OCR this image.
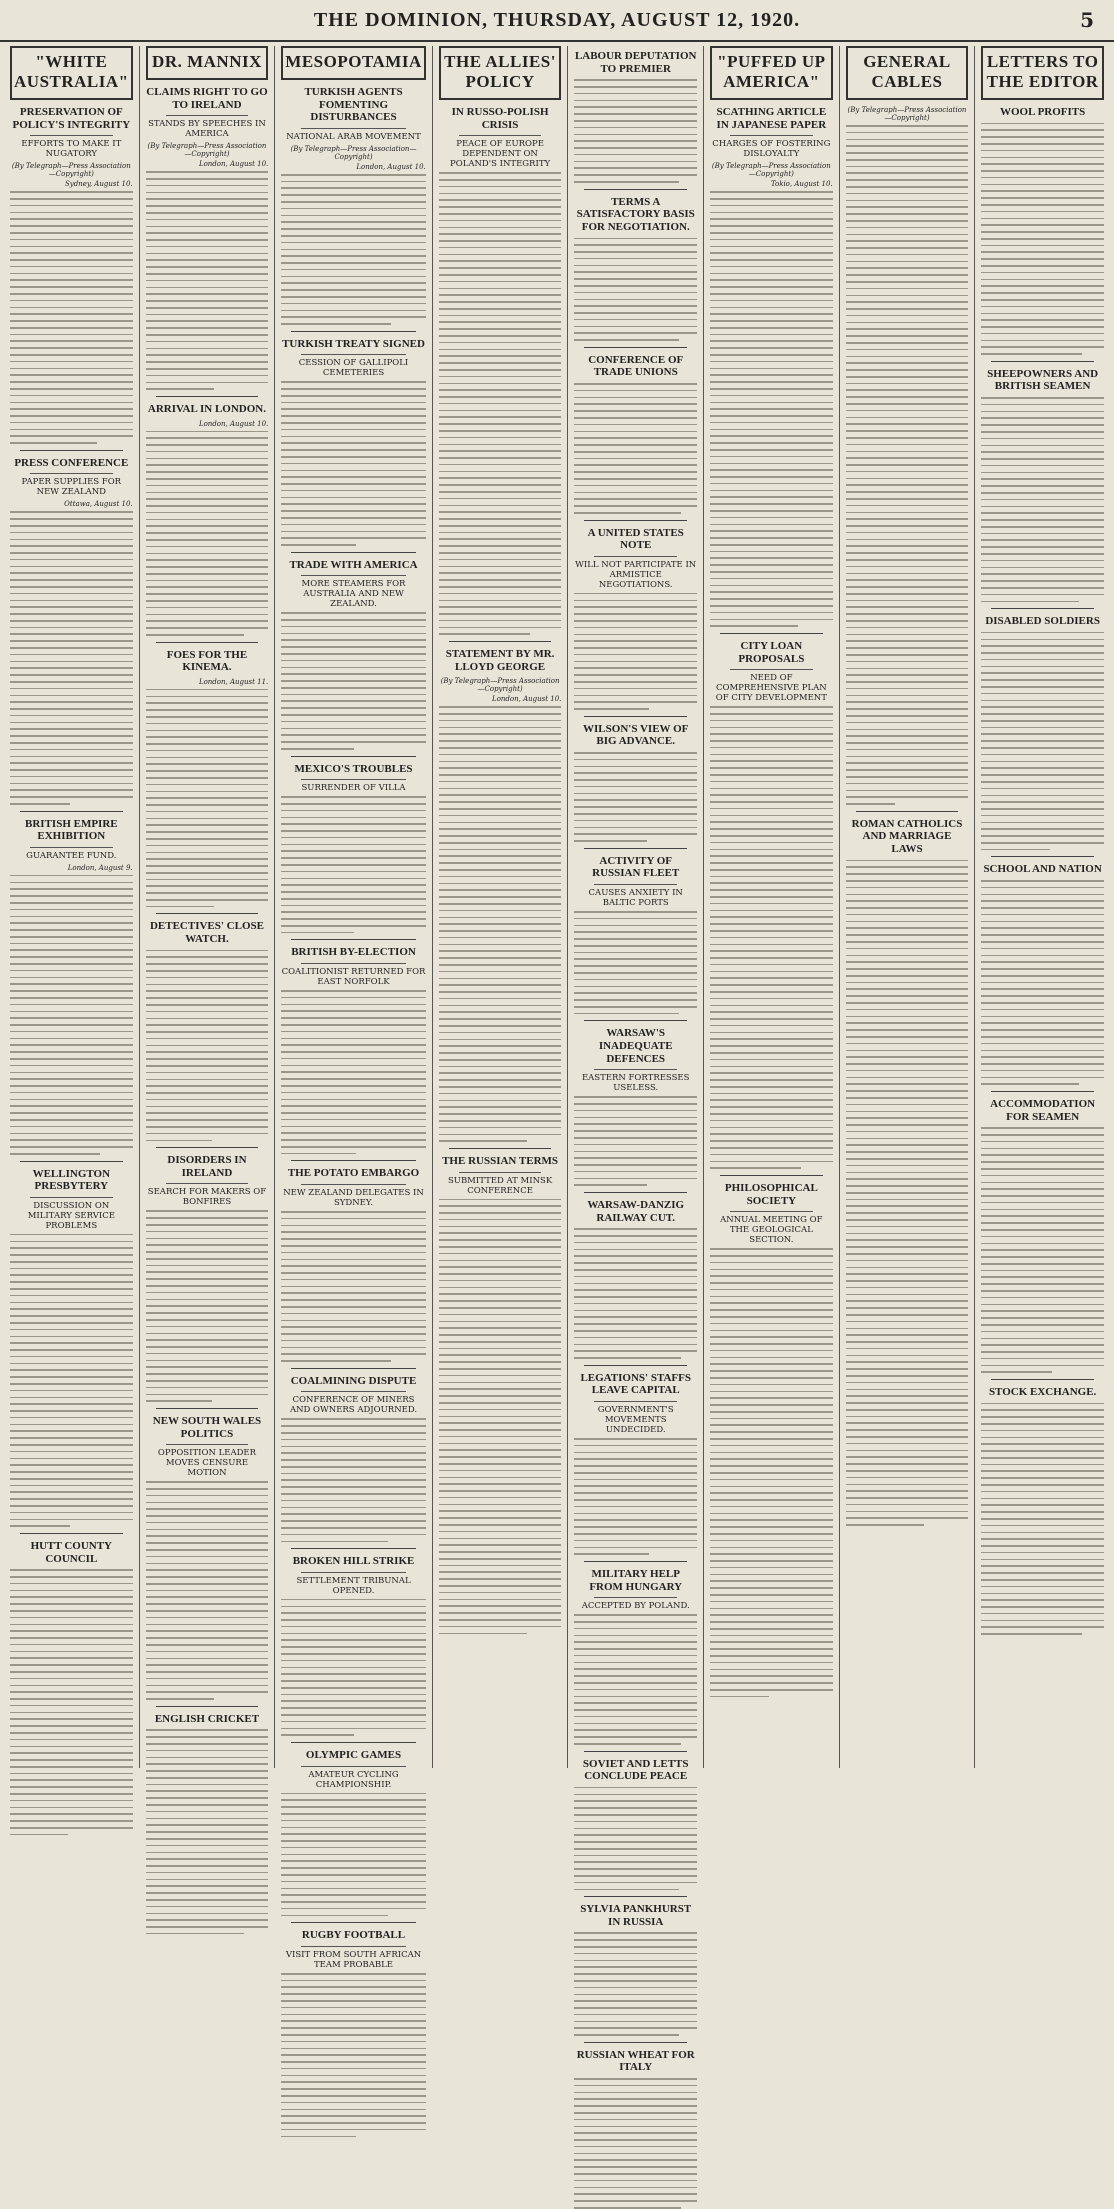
THE DOMINION, THURSDAY, AUGUST 12, 1920.	5
"WHITE AUSTRALIA"
PRESERVATION OF POLICY'S INTEGRITY
EFFORTS TO MAKE IT NUGATORY
(By Telegraph—Press Association—Copyright)
Sydney, August 10.
PRESS CONFERENCE
PAPER SUPPLIES FOR NEW ZEALAND
Ottawa, August 10.
BRITISH EMPIRE EXHIBITION
GUARANTEE FUND.
London, August 9.
WELLINGTON PRESBYTERY
DISCUSSION ON MILITARY SERVICE PROBLEMS
HUTT COUNTY COUNCIL
DR. MANNIX
CLAIMS RIGHT TO GO TO IRELAND
STANDS BY SPEECHES IN AMERICA
(By Telegraph—Press Association—Copyright)
London, August 10.
ARRIVAL IN LONDON.
London, August 10.
FOES FOR THE KINEMA.
London, August 11.
DETECTIVES' CLOSE WATCH.
DISORDERS IN IRELAND
SEARCH FOR MAKERS OF BONFIRES
NEW SOUTH WALES POLITICS
OPPOSITION LEADER MOVES CENSURE MOTION
ENGLISH CRICKET
MESOPOTAMIA
TURKISH AGENTS FOMENTING DISTURBANCES
NATIONAL ARAB MOVEMENT
(By Telegraph—Press Association—Copyright)
London, August 10.
TURKISH TREATY SIGNED
CESSION OF GALLIPOLI CEMETERIES
TRADE WITH AMERICA
MORE STEAMERS FOR AUSTRALIA AND NEW ZEALAND.
MEXICO'S TROUBLES
SURRENDER OF VILLA
BRITISH BY-ELECTION
COALITIONIST RETURNED FOR EAST NORFOLK
THE POTATO EMBARGO
NEW ZEALAND DELEGATES IN SYDNEY.
COALMINING DISPUTE
CONFERENCE OF MINERS AND OWNERS ADJOURNED.
BROKEN HILL STRIKE
SETTLEMENT TRIBUNAL OPENED.
OLYMPIC GAMES
AMATEUR CYCLING CHAMPIONSHIP.
RUGBY FOOTBALL
VISIT FROM SOUTH AFRICAN TEAM PROBABLE
THE ALLIES' POLICY
IN RUSSO-POLISH CRISIS
PEACE OF EUROPE DEPENDENT ON POLAND'S INTEGRITY
STATEMENT BY MR. LLOYD GEORGE
(By Telegraph—Press Association—Copyright)
London, August 10.
THE RUSSIAN TERMS
SUBMITTED AT MINSK CONFERENCE
LABOUR DEPUTATION TO PREMIER
TERMS A SATISFACTORY BASIS FOR NEGOTIATION.
CONFERENCE OF TRADE UNIONS
A UNITED STATES NOTE
WILL NOT PARTICIPATE IN ARMISTICE NEGOTIATIONS.
WILSON'S VIEW OF BIG ADVANCE.
ACTIVITY OF RUSSIAN FLEET
CAUSES ANXIETY IN BALTIC PORTS
WARSAW'S INADEQUATE DEFENCES
EASTERN FORTRESSES USELESS.
WARSAW-DANZIG RAILWAY CUT.
LEGATIONS' STAFFS LEAVE CAPITAL
GOVERNMENT'S MOVEMENTS UNDECIDED.
MILITARY HELP FROM HUNGARY
ACCEPTED BY POLAND.
SOVIET AND LETTS CONCLUDE PEACE
SYLVIA PANKHURST IN RUSSIA
RUSSIAN WHEAT FOR ITALY
"PUFFED UP AMERICA"
SCATHING ARTICLE IN JAPANESE PAPER
CHARGES OF FOSTERING DISLOYALTY
(By Telegraph—Press Association—Copyright)
Tokio, August 10.
CITY LOAN PROPOSALS
NEED OF COMPREHENSIVE PLAN OF CITY DEVELOPMENT
PHILOSOPHICAL SOCIETY
ANNUAL MEETING OF THE GEOLOGICAL SECTION.
GENERAL CABLES
(By Telegraph—Press Association—Copyright)
ROMAN CATHOLICS AND MARRIAGE LAWS
LETTERS TO THE EDITOR
WOOL PROFITS
SHEEPOWNERS AND BRITISH SEAMEN
DISABLED SOLDIERS
SCHOOL AND NATION
ACCOMMODATION FOR SEAMEN
STOCK EXCHANGE.
